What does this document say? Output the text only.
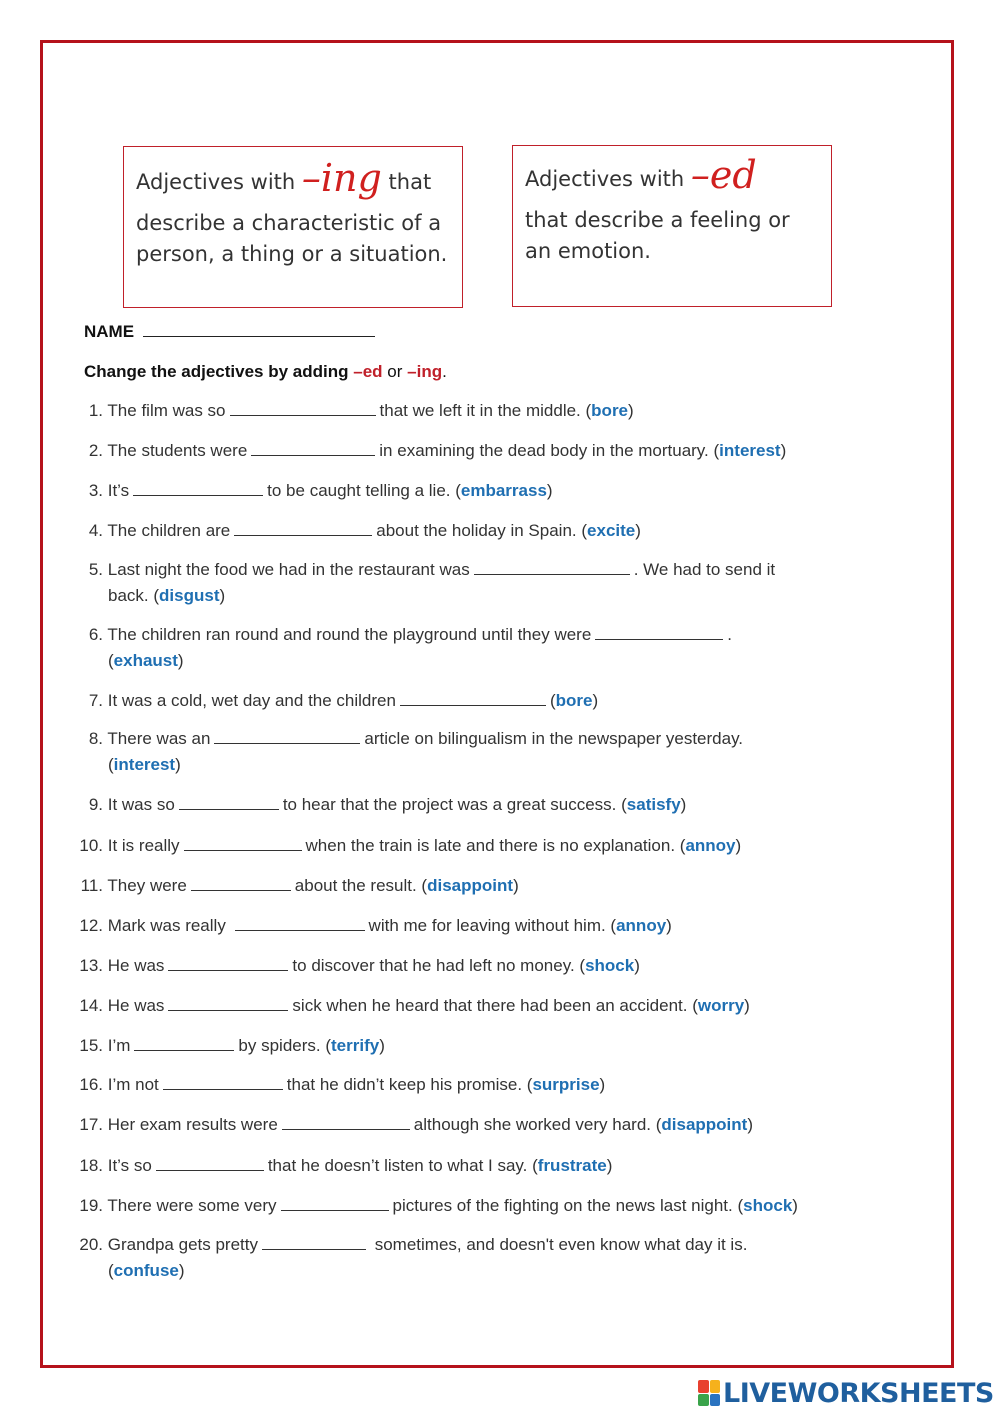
Adjectives with –ing that
describe a characteristic of a person, a thing or a situation.
Adjectives with –ed
that describe a feeling or an emotion.
NAME
Change the adjectives by adding –ed or –ing.
1. The film was so	that we left it in the middle. (bore)
2. The students were	in examining the dead body in the mortuary. (interest)
3. It’s	to be caught telling a lie. (embarrass)
4. The children are	about the holiday in Spain. (excite)
5. Last night the food we had in the restaurant was	. We had to send it
back. (disgust)
6. The children ran round and round the playground until they were	.
(exhaust)
7. It was a cold, wet day and the children	(bore)
8. There was an	article on bilingualism in the newspaper yesterday.
(interest)
9. It was so	to hear that the project was a great success. (satisfy)
10. It is really	when the train is late and there is no explanation. (annoy)
11. They were	about the result. (disappoint)
12. Mark was really	with me for leaving without him. (annoy)
13. He was	to discover that he had left no money. (shock)
14. He was	sick when he heard that there had been an accident. (worry)
15. I’m	by spiders. (terrify)
16. I’m not	that he didn’t keep his promise. (surprise)
17. Her exam results were	although she worked very hard. (disappoint)
18. It’s so	that he doesn’t listen to what I say. (frustrate)
19. There were some very	pictures of the fighting on the news last night. (shock)
20. Grandpa gets pretty	sometimes, and doesn't even know what day it is.
(confuse)
LIVEWORKSHEETS
